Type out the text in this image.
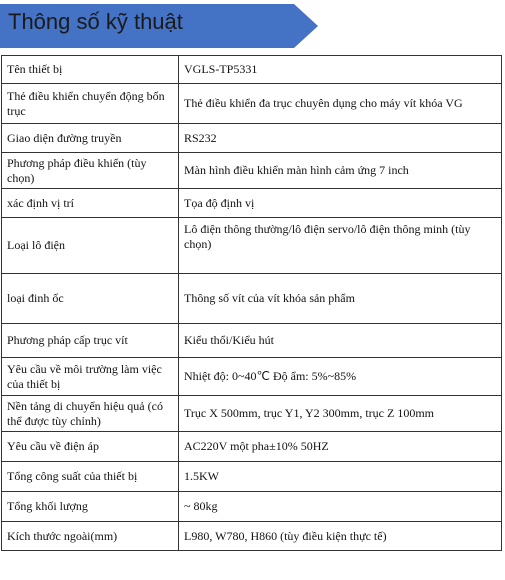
Thông số kỹ thuật
Tên thiết bị	VGLS-TP5331
Thẻ điều khiển chuyển động bốn trục	Thẻ điều khiển đa trục chuyên dụng cho máy vít khóa VG
Giao diện đường truyền	RS232
Phương pháp điều khiển (tùy chọn)	Màn hình điều khiển màn hình cảm ứng 7 inch
xác định vị trí	Tọa độ định vị
Loại lô điện	Lô điện thông thường/lô điện servo/lô điện thông minh (tùy chọn)
loại đinh ốc	Thông số vít của vít khóa sản phẩm
Phương pháp cấp trục vít	Kiểu thổi/Kiểu hút
Yêu cầu về môi trường làm việc của thiết bị	Nhiệt độ: 0~40℃ Độ ẩm: 5%~85%
Nền tảng di chuyển hiệu quả (có thể được tùy chỉnh)	Trục X 500mm, trục Y1, Y2 300mm, trục Z 100mm
Yêu cầu về điện áp	AC220V một pha±10% 50HZ
Tổng công suất của thiết bị	1.5KW
Tổng khối lượng	~ 80kg
Kích thước ngoài(mm)	L980, W780, H860 (tùy điều kiện thực tế)
